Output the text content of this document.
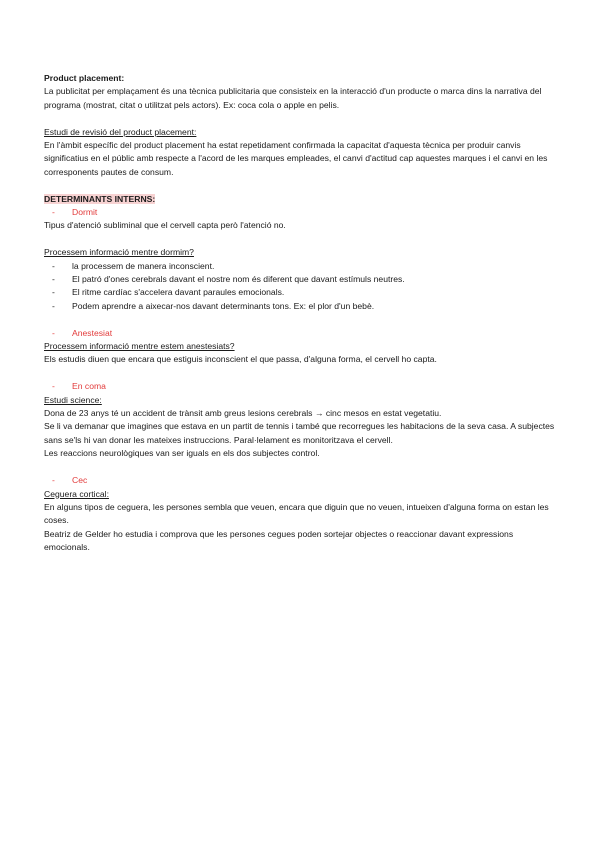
Product placement:

La publicitat per emplaçament és una tècnica publicitaria que consisteix en la interacció d'un producte o marca dins la narrativa del programa (mostrat, citat o utilitzat pels actors). Ex: coca cola o apple en pelis.

Estudi de revisió del product placement:

En l'àmbit específic del product placement ha estat repetidament confirmada la capacitat d'aquesta tècnica per produir canvis significatius en el públic amb respecte a l'acord de les marques empleades, el canvi d'actitud cap aquestes marques i el canvi en les corresponents pautes de consum.

DETERMINANTS INTERNS:

-	Dormit

Tipus d'atenció subliminal que el cervell capta però l'atenció no.

Processem informació mentre dormim?

-	la processem de manera inconscient.
-	El patró d'ones cerebrals davant el nostre nom és diferent que davant estímuls neutres.
-	El ritme cardíac s'accelera davant paraules emocionals.
-	Podem aprendre a aixecar-nos davant determinants tons. Ex: el plor d'un bebè.
-	Anestesiat

Processem informació mentre estem anestesiats?

Els estudis diuen que encara que estiguis inconscient el que passa, d'alguna forma, el cervell ho capta.

-	En coma

Estudi science:

Dona de 23 anys té un accident de trànsit amb greus lesions cerebrals → cinc mesos en estat vegetatiu.

Se li va demanar que imagines que estava en un partit de tennis i també que recorregues les habitacions de la seva casa. A subjectes sans se'ls hi van donar les mateixes instruccions. Paral·lelament es monitoritzava el cervell.

Les reaccions neurològiques van ser iguals en els dos subjectes control.

-	Cec

Ceguera cortical:

En alguns tipos de ceguera, les persones sembla que veuen, encara que diguin que no veuen, intueixen d'alguna forma on estan les coses.

Beatriz de Gelder ho estudia i comprova que les persones cegues poden sortejar objectes o reaccionar davant expressions emocionals.
